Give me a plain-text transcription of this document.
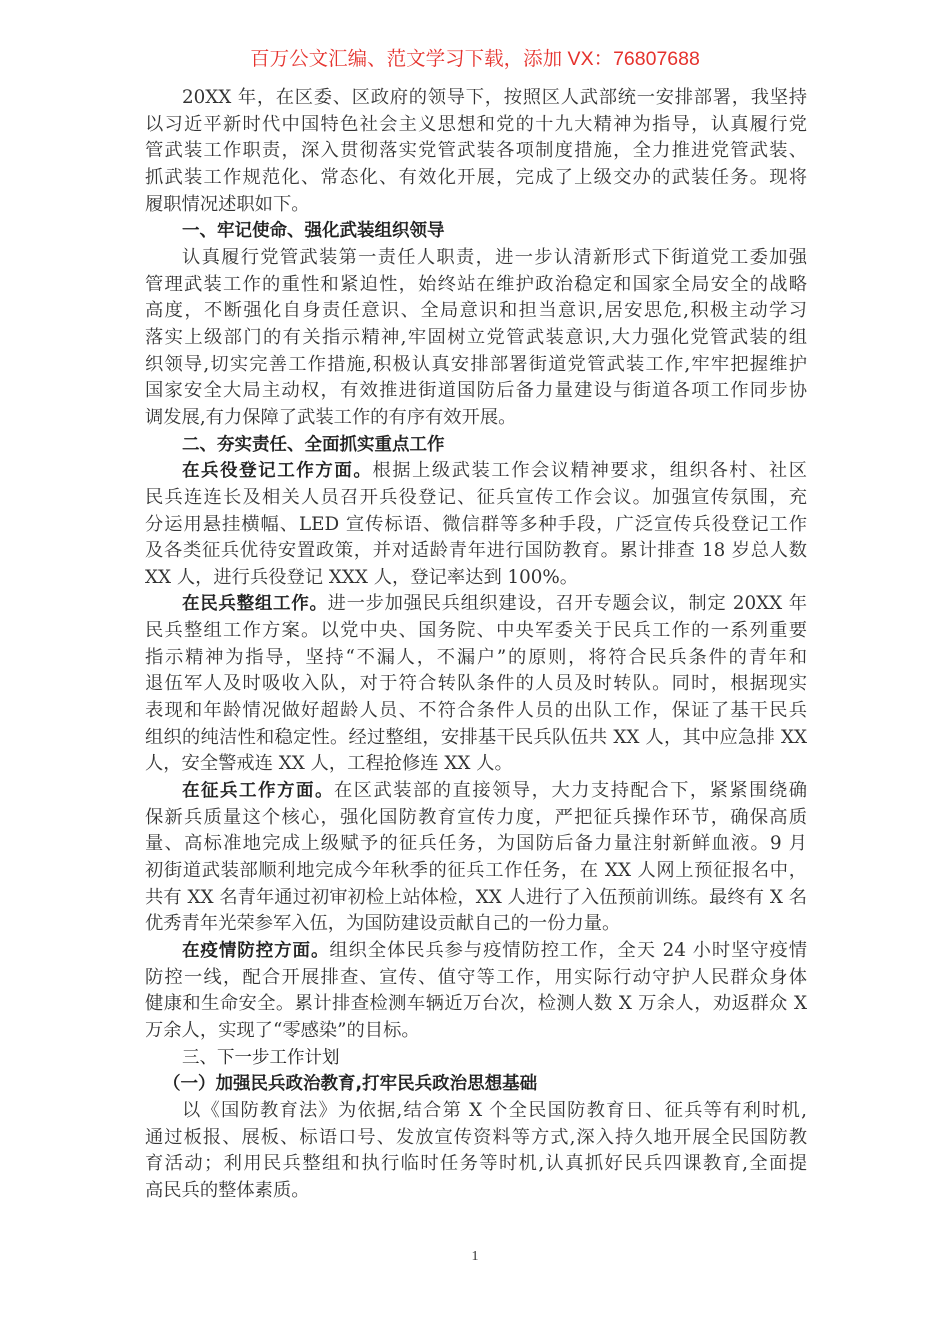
百万公文汇编、范文学习下载，添加 VX：76807688
20XX 年，在区委、区政府的领导下，按照区人武部统一安排部署，我坚持
以习近平新时代中国特色社会主义思想和党的十九大精神为指导，认真履行党
管武装工作职责，深入贯彻落实党管武装各项制度措施，全力推进党管武装、
抓武装工作规范化、常态化、有效化开展，完成了上级交办的武装任务。现将
履职情况述职如下。
一、牢记使命、强化武装组织领导
认真履行党管武装第一责任人职责，进一步认清新形式下街道党工委加强
管理武装工作的重性和紧迫性，始终站在维护政治稳定和国家全局安全的战略
高度，不断强化自身责任意识、全局意识和担当意识,居安思危,积极主动学习
落实上级部门的有关指示精神,牢固树立党管武装意识,大力强化党管武装的组
织领导,切实完善工作措施,积极认真安排部署街道党管武装工作,牢牢把握维护
国家安全大局主动权，有效推进街道国防后备力量建设与街道各项工作同步协
调发展,有力保障了武装工作的有序有效开展。
二、夯实责任、全面抓实重点工作
在兵役登记工作方面。根据上级武装工作会议精神要求，组织各村、社区
民兵连连长及相关人员召开兵役登记、征兵宣传工作会议。加强宣传氛围，充
分运用悬挂横幅、LED 宣传标语、微信群等多种手段，广泛宣传兵役登记工作
及各类征兵优待安置政策，并对适龄青年进行国防教育。累计排查 18 岁总人数
XX 人，进行兵役登记 XXX 人，登记率达到 100%。
在民兵整组工作。进一步加强民兵组织建设，召开专题会议，制定 20XX 年
民兵整组工作方案。以党中央、国务院、中央军委关于民兵工作的一系列重要
指示精神为指导，坚持“不漏人，不漏户”的原则，将符合民兵条件的青年和
退伍军人及时吸收入队，对于符合转队条件的人员及时转队。同时，根据现实
表现和年龄情况做好超龄人员、不符合条件人员的出队工作，保证了基干民兵
组织的纯洁性和稳定性。经过整组，安排基干民兵队伍共 XX 人，其中应急排 XX
人，安全警戒连 XX 人，工程抢修连 XX 人。
在征兵工作方面。在区武装部的直接领导，大力支持配合下，紧紧围绕确
保新兵质量这个核心，强化国防教育宣传力度，严把征兵操作环节，确保高质
量、高标准地完成上级赋予的征兵任务，为国防后备力量注射新鲜血液。9 月
初街道武装部顺利地完成今年秋季的征兵工作任务，在 XX 人网上预征报名中，
共有 XX 名青年通过初审初检上站体检，XX 人进行了入伍预前训练。最终有 X 名
优秀青年光荣参军入伍，为国防建设贡献自己的一份力量。
在疫情防控方面。组织全体民兵参与疫情防控工作，全天 24 小时坚守疫情
防控一线，配合开展排查、宣传、值守等工作，用实际行动守护人民群众身体
健康和生命安全。累计排查检测车辆近万台次，检测人数 X 万余人，劝返群众 X
万余人，实现了“零感染”的目标。
三、下一步工作计划
（一）加强民兵政治教育,打牢民兵政治思想基础
以《国防教育法》为依据,结合第 X 个全民国防教育日、征兵等有利时机,
通过板报、展板、标语口号、发放宣传资料等方式,深入持久地开展全民国防教
育活动；利用民兵整组和执行临时任务等时机,认真抓好民兵四课教育,全面提
高民兵的整体素质。
1
